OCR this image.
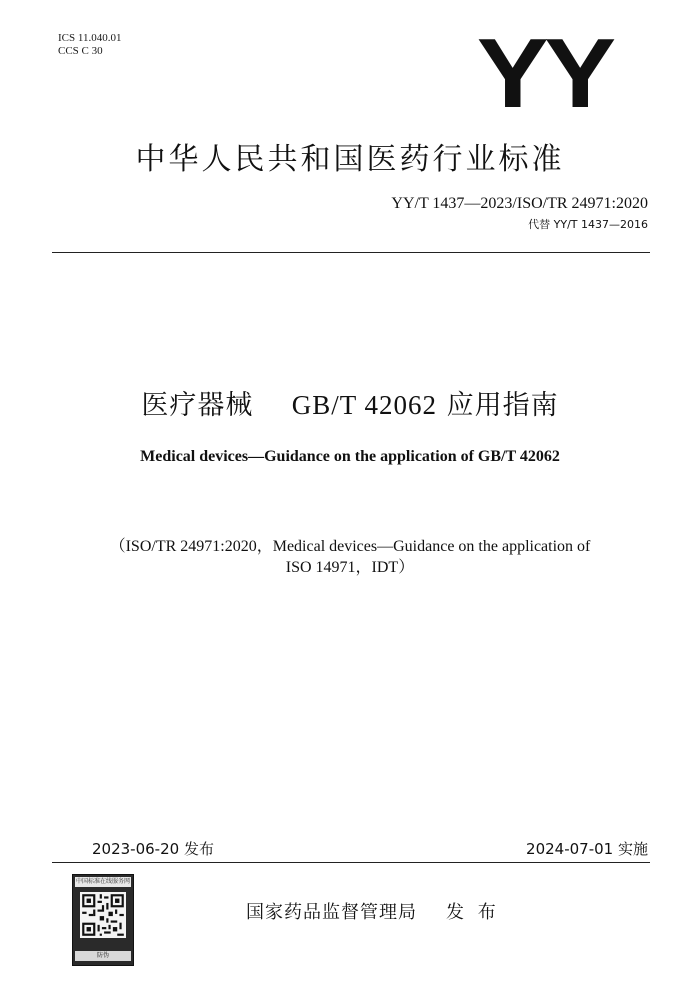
ICS 11.040.01
CCS C 30	YY
中华人民共和国医药行业标准
YY/T 1437—2023/ISO/TR 24971:2020
代替 YY/T 1437—2016
医疗器械 GB/T 42062 应用指南
Medical devices—Guidance on the application of GB/T 42062
（ISO/TR 24971:2020，Medical devices—Guidance on the application of
ISO 14971，IDT）
2023-06-20 发布	2024-07-01 实施
中国标准在线服务网
防伪
国家药品监督管理局 发 布
